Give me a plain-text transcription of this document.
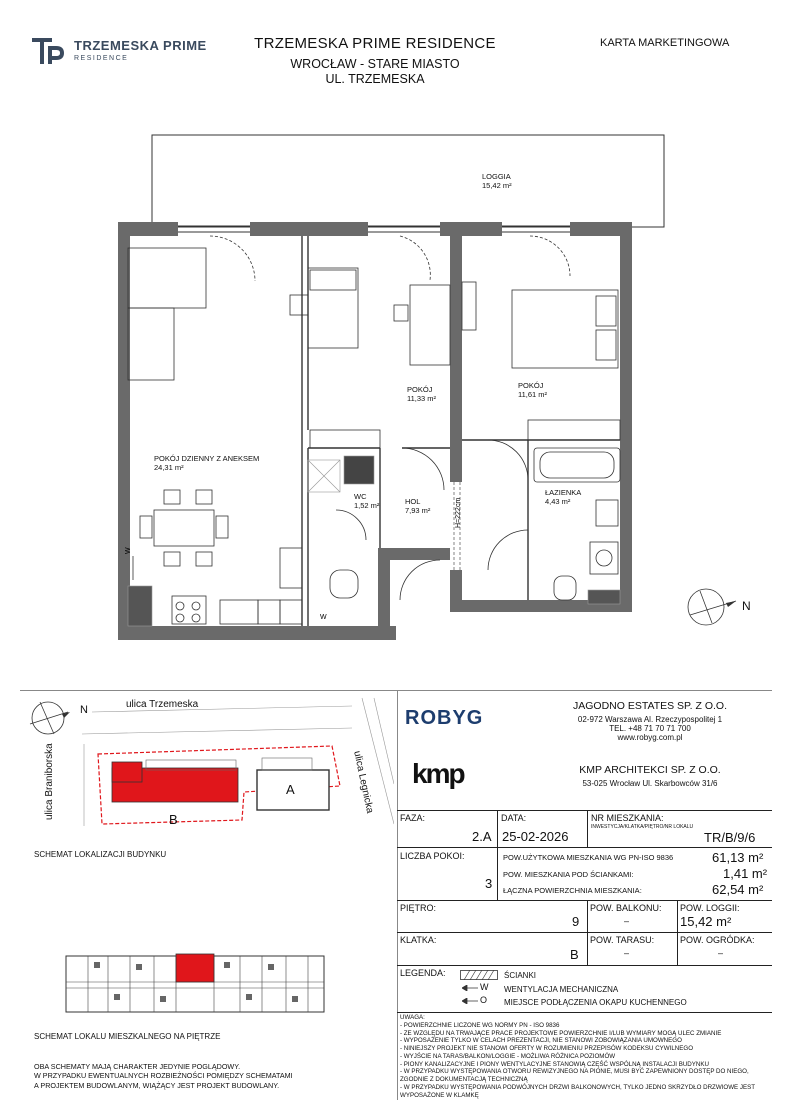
TRZEMESKA PRIME
RESIDENCE
TRZEMESKA PRIME RESIDENCE
WROCŁAW - STARE MIASTO
UL. TRZEMESKA
KARTA MARKETINGOWA
W
W
H=222cm
LOGGIA
15,42 m²
POKÓJ DZIENNY Z ANEKSEM
24,31 m²
POKÓJ
11,33 m²
POKÓJ
11,61 m²
WC
1,52 m²	HOL
7,93 m²
ŁAZIENKA
4,43 m²
N
N	ulica Trzemeska
ulica Braniborska	ulica Legnicka
A
B
SCHEMAT LOKALIZACJI BUDYNKU
SCHEMAT LOKALU MIESZKALNEGO NA PIĘTRZE
OBA SCHEMATY MAJĄ CHARAKTER JEDYNIE POGLĄDOWY.
W PRZYPADKU EWENTUALNYCH ROZBIEŻNOŚCI POMIĘDZY SCHEMATAMI
A PROJEKTEM BUDOWLANYM, WIĄŻĄCY JEST PROJEKT BUDOWLANY.
ROBYG
JAGODNO ESTATES SP. Z O.O.
02-972 Warszawa Al. Rzeczypospolitej 1
TEL. +48 71 70 71 700
www.robyg.com.pl
kmp	KMP ARCHITEKCI SP. Z O.O.
53-025 Wrocław Ul. Skarbowców 31/6
FAZA:
2.A
DATA:
25-02-2026
NR MIESZKANIA:
INWESTYCJA/KLATKA/PIĘTRO/NR LOKALU
TR/B/9/6
LICZBA POKOI:
3
POW.UŻYTKOWA MIESZKANIA WG PN-ISO 9836	61,13 m²
POW. MIESZKANIA POD ŚCIANKAMI:	1,41 m²
ŁĄCZNA POWIERZCHNIA MIESZKANIA:	62,54 m²
PIĘTRO:
9
POW. BALKONU:
–
POW. LOGGII:
15,42 m²
KLATKA:
B
POW. TARASU:
–
POW. OGRÓDKA:
–
LEGENDA:	ŚCIANKI
W WENTYLACJA MECHANICZNA
O MIEJSCE PODŁĄCZENIA OKAPU KUCHENNEGO
UWAGA:
- POWIERZCHNIE LICZONE WG NORMY PN - ISO 9836
- ZE WZGLĘDU NA TRWAJĄCE PRACE PROJEKTOWE POWIERZCHNIE I/LUB WYMIARY MOGĄ ULEC ZMIANIE
- WYPOSAŻENIE TYLKO W CELACH PREZENTACJI, NIE STANOWI ZOBOWIĄZANIA UMOWNEGO
- NINIEJSZY PROJEKT NIE STANOWI OFERTY W ROZUMIENIU PRZEPISÓW KODEKSU CYWILNEGO
- WYJŚCIE NA TARAS/BALKON/LOGGIE - MOŻLIWA RÓŻNICA POZIOMÓW
- PIONY KANALIZACYJNE I PIONY WENTYLACYJNE STANOWIĄ CZĘŚĆ WSPÓLNĄ INSTALACJI BUDYNKU
- W PRZYPADKU WYSTĘPOWANIA OTWORU REWIZYJNEGO NA PIONIE, MUSI BYĆ ZAPEWNIONY DOSTĘP DO NIEGO,
ZGODNIE Z DOKUMENTACJĄ TECHNICZNĄ
- W PRZYPADKU WYSTĘPOWANIA PODWÓJNYCH DRZWI BALKONOWYCH, TYLKO JEDNO SKRZYDŁO DRZWIOWE JEST
WYPOSAŻONE W KLAMKĘ
